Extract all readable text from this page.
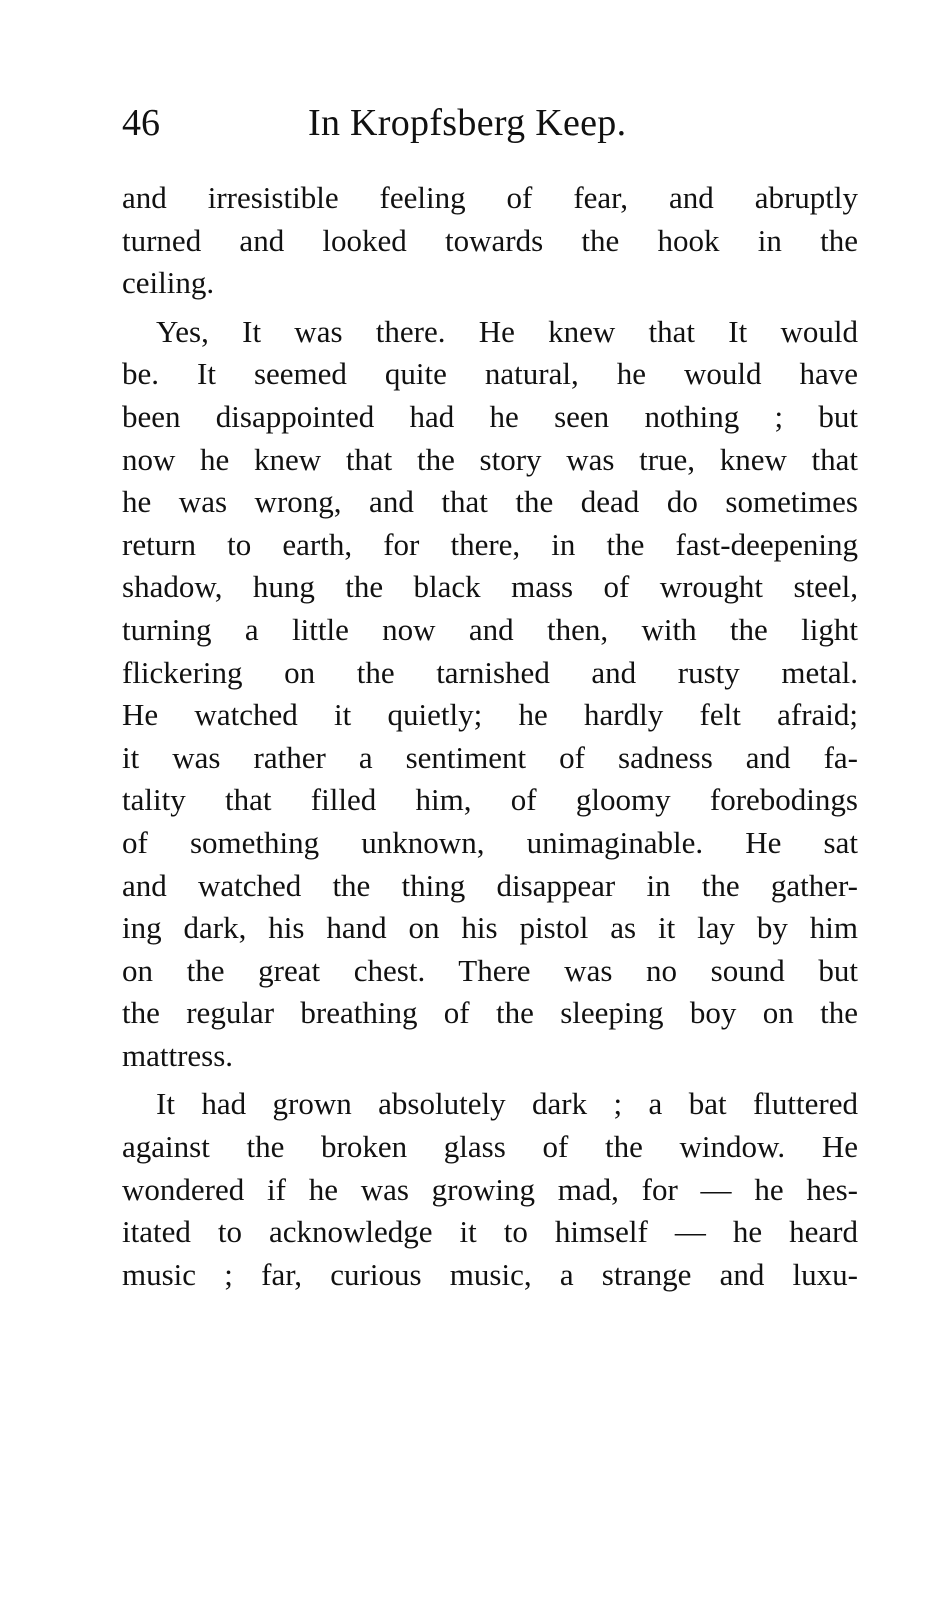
46	In Kropfsberg Keep.
and irresistible feeling of fear, and abruptly
turned and looked towards the hook in the
ceiling.
Yes, It was there. He knew that It would
be. It seemed quite natural, he would have
been disappointed had he seen nothing ; but
now he knew that the story was true, knew that
he was wrong, and that the dead do sometimes
return to earth, for there, in the fast-deepening
shadow, hung the black mass of wrought steel,
turning a little now and then, with the light
flickering on the tarnished and rusty metal.
He watched it quietly; he hardly felt afraid;
it was rather a sentiment of sadness and fa-
tality that filled him, of gloomy forebodings
of something unknown, unimaginable. He sat
and watched the thing disappear in the gather-
ing dark, his hand on his pistol as it lay by him
on the great chest. There was no sound but
the regular breathing of the sleeping boy on the
mattress.
It had grown absolutely dark ; a bat fluttered
against the broken glass of the window. He
wondered if he was growing mad, for — he hes-
itated to acknowledge it to himself — he heard
music ; far, curious music, a strange and luxu-
